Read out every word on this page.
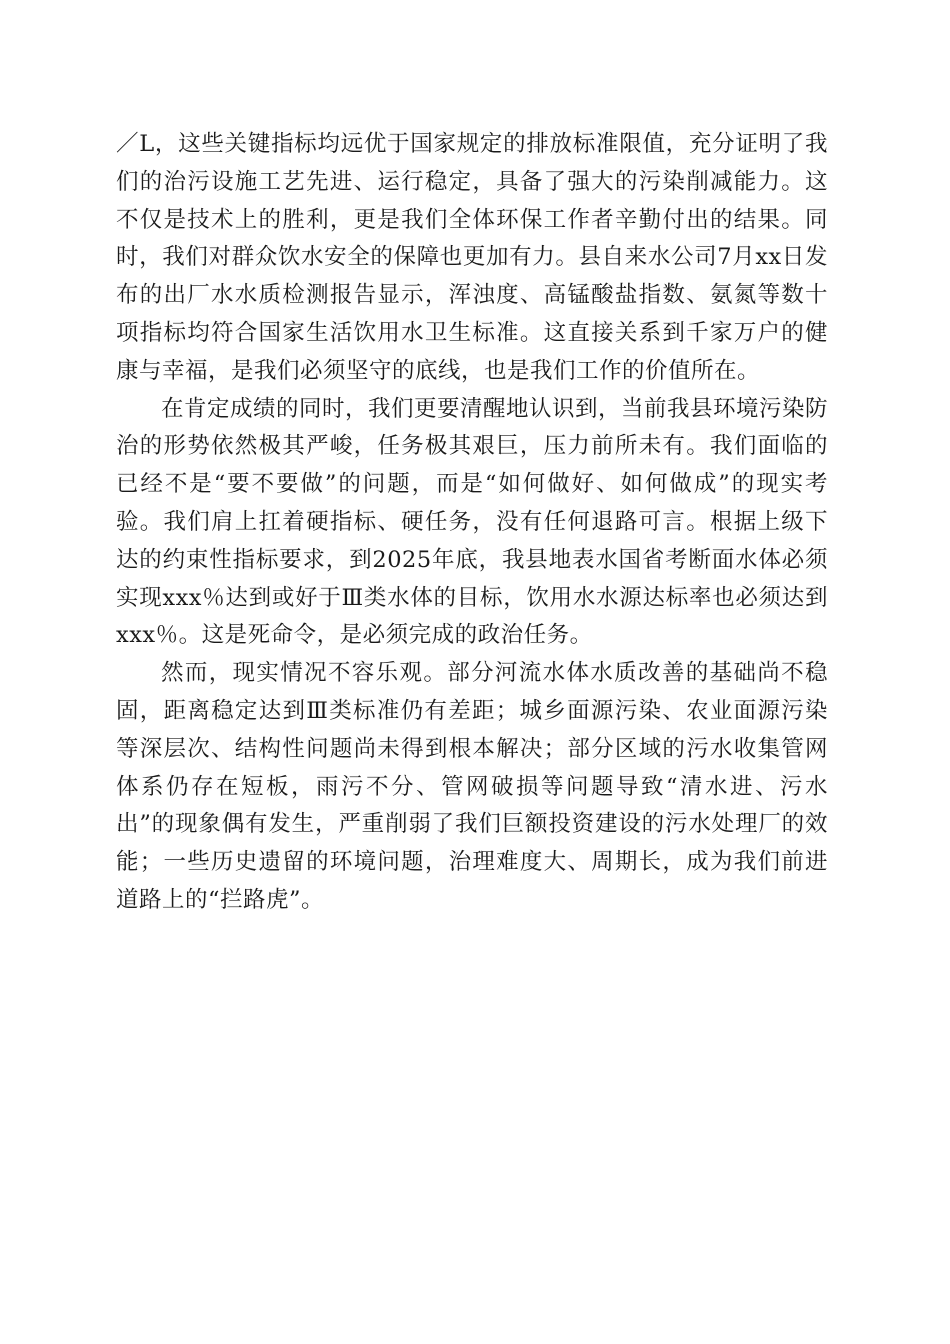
／L，这些关键指标均远优于国家规定的排放标准限值，充分证明了我们的治污设施工艺先进、运行稳定，具备了强大的污染削减能力。这不仅是技术上的胜利，更是我们全体环保工作者辛勤付出的结果。同时，我们对群众饮水安全的保障也更加有力。县自来水公司7月xx日发布的出厂水水质检测报告显示，浑浊度、高锰酸盐指数、氨氮等数十项指标均符合国家生活饮用水卫生标准。这直接关系到千家万户的健康与幸福，是我们必须坚守的底线，也是我们工作的价值所在。

在肯定成绩的同时，我们更要清醒地认识到，当前我县环境污染防治的形势依然极其严峻，任务极其艰巨，压力前所未有。我们面临的已经不是“要不要做”的问题，而是“如何做好、如何做成”的现实考验。我们肩上扛着硬指标、硬任务，没有任何退路可言。根据上级下达的约束性指标要求，到2025年底，我县地表水国省考断面水体必须实现xxx％达到或好于Ⅲ类水体的目标，饮用水水源达标率也必须达到xxx％。这是死命令，是必须完成的政治任务。

然而，现实情况不容乐观。部分河流水体水质改善的基础尚不稳固，距离稳定达到Ⅲ类标准仍有差距；城乡面源污染、农业面源污染等深层次、结构性问题尚未得到根本解决；部分区域的污水收集管网体系仍存在短板，雨污不分、管网破损等问题导致“清水进、污水出”的现象偶有发生，严重削弱了我们巨额投资建设的污水处理厂的效能；一些历史遗留的环境问题，治理难度大、周期长，成为我们前进道路上的“拦路虎”。
